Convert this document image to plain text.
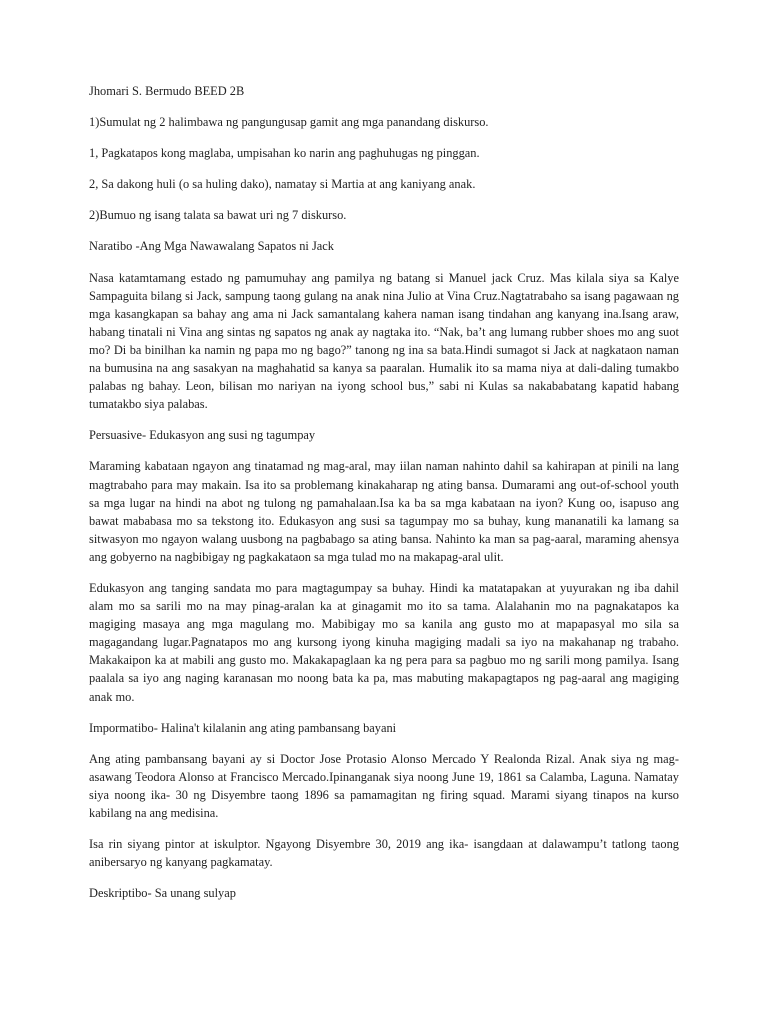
Jhomari S. Bermudo BEED 2B

1)Sumulat ng 2 halimbawa ng pangungusap gamit ang mga panandang diskurso.

1, Pagkatapos kong maglaba, umpisahan ko narin ang paghuhugas ng pinggan.

2, Sa dakong huli (o sa huling dako), namatay si Martia at ang kaniyang anak.

2)Bumuo ng isang talata sa bawat uri ng 7 diskurso.

Naratibo -Ang Mga Nawawalang Sapatos ni Jack

Nasa katamtamang estado ng pamumuhay ang pamilya ng batang si Manuel jack Cruz. Mas kilala siya sa Kalye Sampaguita bilang si Jack, sampung taong gulang na anak nina Julio at Vina Cruz.Nagtatrabaho sa isang pagawaan ng mga kasangkapan sa bahay ang ama ni Jack samantalang kahera naman isang tindahan ang kanyang ina.Isang araw, habang tinatali ni Vina ang sintas ng sapatos ng anak ay nagtaka ito. “Nak, ba’t ang lumang rubber shoes mo ang suot mo? Di ba binilhan ka namin ng papa mo ng bago?” tanong ng ina sa bata.Hindi sumagot si Jack at nagkataon naman na bumusina na ang sasakyan na maghahatid sa kanya sa paaralan. Humalik ito sa mama niya at dali-daling tumakbo palabas ng bahay. Leon, bilisan mo nariyan na iyong school bus,” sabi ni Kulas sa nakababatang kapatid habang tumatakbo siya palabas.

Persuasive- Edukasyon ang susi ng tagumpay

Maraming kabataan ngayon ang tinatamad ng mag-aral, may iilan naman nahinto dahil sa kahirapan at pinili na lang magtrabaho para may makain. Isa ito sa problemang kinakaharap ng ating bansa. Dumarami ang out-of-school youth sa mga lugar na hindi na abot ng tulong ng pamahalaan.Isa ka ba sa mga kabataan na iyon? Kung oo, isapuso ang bawat mababasa mo sa tekstong ito. Edukasyon ang susi sa tagumpay mo sa buhay, kung mananatili ka lamang sa sitwasyon mo ngayon walang uusbong na pagbabago sa ating bansa. Nahinto ka man sa pag-aaral, maraming ahensya ang gobyerno na nagbibigay ng pagkakataon sa mga tulad mo na makapag-aral ulit.

Edukasyon ang tanging sandata mo para magtagumpay sa buhay. Hindi ka matatapakan at yuyurakan ng iba dahil alam mo sa sarili mo na may pinag-aralan ka at ginagamit mo ito sa tama. Alalahanin mo na pagnakatapos ka magiging masaya ang mga magulang mo. Mabibigay mo sa kanila ang gusto mo at mapapasyal mo sila sa magagandang lugar.Pagnatapos mo ang kursong iyong kinuha magiging madali sa iyo na makahanap ng trabaho. Makakaipon ka at mabili ang gusto mo. Makakapaglaan ka ng pera para sa pagbuo mo ng sarili mong pamilya. Isang paalala sa iyo ang naging karanasan mo noong bata ka pa, mas mabuting makapagtapos ng pag-aaral ang magiging anak mo.

Impormatibo- Halina't kilalanin ang ating pambansang bayani

Ang ating pambansang bayani ay si Doctor Jose Protasio Alonso Mercado Y Realonda Rizal. Anak siya ng mag-asawang Teodora Alonso at Francisco Mercado.Ipinanganak siya noong June 19, 1861 sa Calamba, Laguna. Namatay siya noong ika- 30 ng Disyembre taong 1896 sa pamamagitan ng firing squad. Marami siyang tinapos na kurso kabilang na ang medisina.

Isa rin siyang pintor at iskulptor. Ngayong Disyembre 30, 2019 ang ika- isangdaan at dalawampu’t tatlong taong anibersaryo ng kanyang pagkamatay.

Deskriptibo- Sa unang sulyap
